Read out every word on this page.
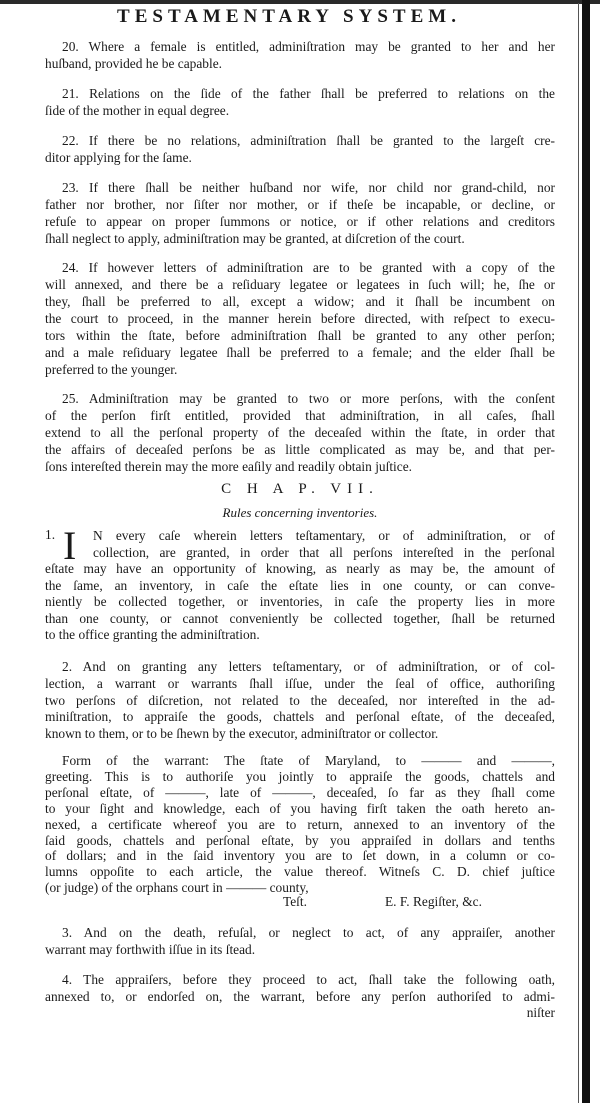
TESTAMENTARY SYSTEM.
20. Where a female is entitled, adminiſtration may be granted to her and her
huſband, provided he be capable.
21. Relations on the ſide of the father ſhall be preferred to relations on the
ſide of the mother in equal degree.
22. If there be no relations, adminiſtration ſhall be granted to the largeſt cre-
ditor applying for the ſame.
23. If there ſhall be neither huſband nor wife, nor child nor grand-child, nor
father nor brother, nor ſiſter nor mother, or if theſe be incapable, or decline, or
refuſe to appear on proper ſummons or notice, or if other relations and creditors
ſhall neglect to apply, adminiſtration may be granted, at diſcretion of the court.
24. If however letters of adminiſtration are to be granted with a copy of the
will annexed, and there be a reſiduary legatee or legatees in ſuch will; he, ſhe or
they, ſhall be preferred to all, except a widow; and it ſhall be incumbent on
the court to proceed, in the manner herein before directed, with reſpect to execu-
tors within the ſtate, before adminiſtration ſhall be granted to any other perſon;
and a male reſiduary legatee ſhall be preferred to a female; and the elder ſhall be
preferred to the younger.
25. Adminiſtration may be granted to two or more perſons, with the conſent
of the perſon firſt entitled, provided that adminiſtration, in all caſes, ſhall
extend to all the perſonal property of the deceaſed within the ſtate, in order that
the affairs of deceaſed perſons be as little complicated as may be, and that per-
ſons intereſted therein may the more eaſily and readily obtain juſtice.
N every caſe wherein letters teſtamentary, or of adminiſtration, or of
collection, are granted, in order that all perſons intereſted in the perſonal
eſtate may have an opportunity of knowing, as nearly as may be, the amount of
the ſame, an inventory, in caſe the eſtate lies in one county, or can conve-
niently be collected together, or inventories, in caſe the property lies in more
than one county, or cannot conveniently be collected together, ſhall be returned
to the office granting the adminiſtration.
2. And on granting any letters teſtamentary, or of adminiſtration, or of col-
lection, a warrant or warrants ſhall iſſue, under the ſeal of office, authoriſing
two perſons of diſcretion, not related to the deceaſed, nor intereſted in the ad-
miniſtration, to appraiſe the goods, chattels and perſonal eſtate, of the deceaſed,
known to them, or to be ſhewn by the executor, adminiſtrator or collector.
Form of the warrant: The ſtate of Maryland, to ——— and ———,
greeting. This is to authoriſe you jointly to appraiſe the goods, chattels and
perſonal eſtate, of ———, late of ———, deceaſed, ſo far as they ſhall come
to your ſight and knowledge, each of you having firſt taken the oath hereto an-
nexed, a certificate whereof you are to return, annexed to an inventory of the
ſaid goods, chattels and perſonal eſtate, by you appraiſed in dollars and tenths
of dollars; and in the ſaid inventory you are to ſet down, in a column or co-
lumns oppoſite to each article, the value thereof. Witneſs C. D. chief juſtice
(or judge) of the orphans court in ——— county,
3. And on the death, refuſal, or neglect to act, of any appraiſer, another
warrant may forthwith iſſue in its ſtead.
4. The appraiſers, before they proceed to act, ſhall take the following oath,
annexed to, or endorſed on, the warrant, before any perſon authoriſed to admi-
niſter
C H A P. VII.
Rules concerning inventories.
1. I
Teſt.	E. F. Regiſter, &c.
